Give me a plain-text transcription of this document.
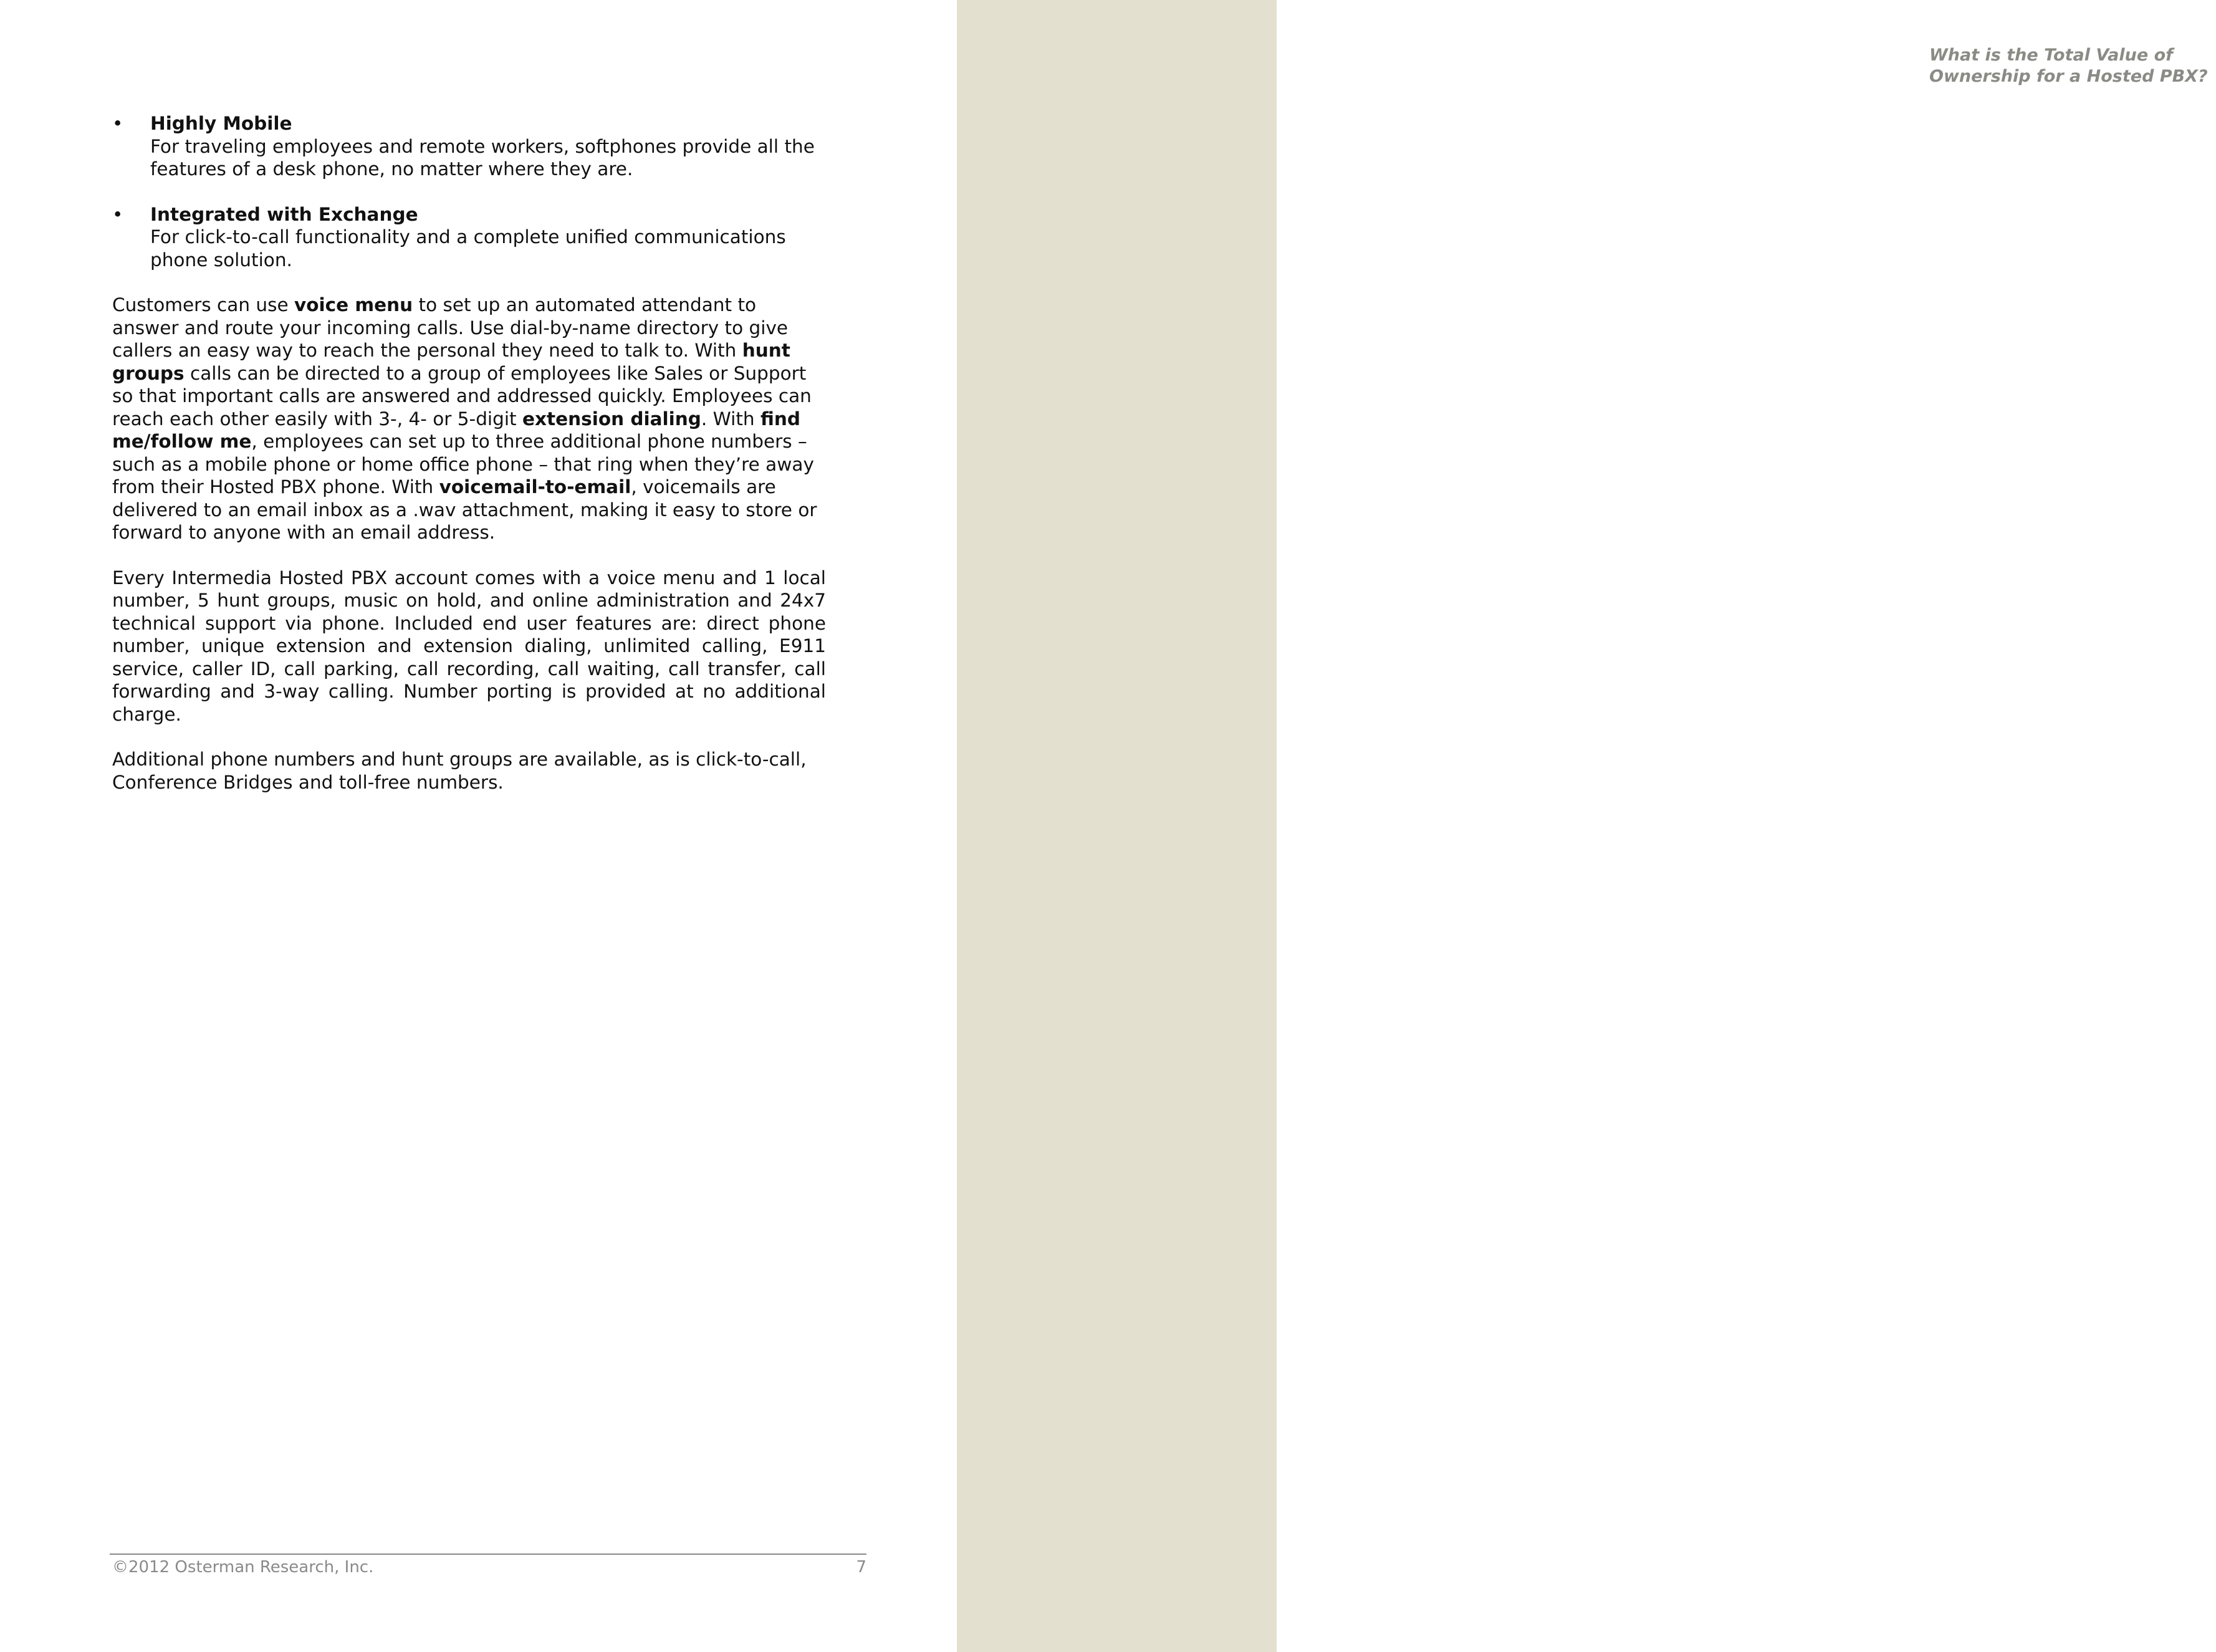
What is the Total Value of
Ownership for a Hosted PBX?
• Highly Mobile
For traveling employees and remote workers, softphones provide all the features of a desk phone, no matter where they are.
• Integrated with Exchange
For click-to-call functionality and a complete unified communications phone solution.

Customers can use voice menu to set up an automated attendant to answer and route your incoming calls. Use dial-by-name directory to give callers an easy way to reach the personal they need to talk to. With hunt groups calls can be directed to a group of employees like Sales or Support so that important calls are answered and addressed quickly. Employees can reach each other easily with 3-, 4- or 5-digit extension dialing. With find me/follow me, employees can set up to three additional phone numbers – such as a mobile phone or home office phone – that ring when they’re away from their Hosted PBX phone. With voicemail-to-email, voicemails are delivered to an email inbox as a .wav attachment, making it easy to store or forward to anyone with an email address.

Every Intermedia Hosted PBX account comes with a voice menu and 1 local number, 5 hunt groups, music on hold, and online administration and 24x7 technical support via phone. Included end user features are: direct phone number, unique extension and extension dialing, unlimited calling, E911 service, caller ID, call parking, call recording, call waiting, call transfer, call forwarding and 3-way calling. Number porting is provided at no additional charge.

Additional phone numbers and hunt groups are available, as is click-to-call, Conference Bridges and toll-free numbers.

©2012 Osterman Research, Inc.	7
